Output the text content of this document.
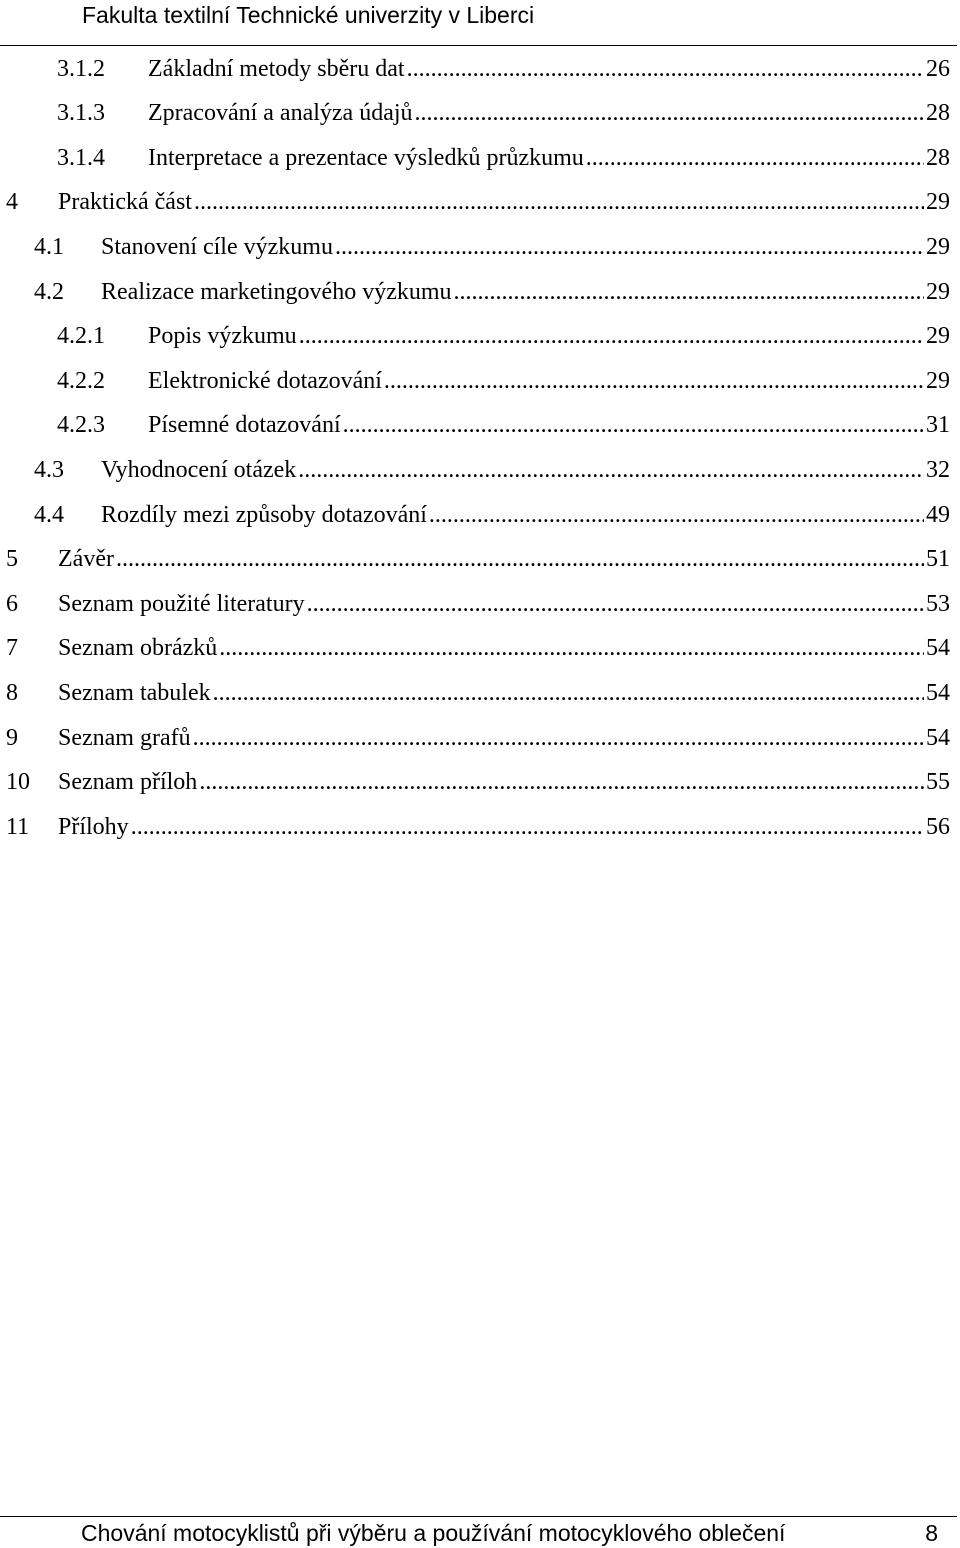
Fakulta textilní Technické univerzity v Liberci
3.1.2	Základní metody sběru dat .....	26
3.1.3	Zpracování a analýza údajů .....	28
3.1.4	Interpretace a prezentace výsledků průzkumu .....	28
4	Praktická část .....	29
4.1	Stanovení cíle výzkumu .....	29
4.2	Realizace marketingového výzkumu .....	29
4.2.1	Popis výzkumu .....	29
4.2.2	Elektronické dotazování .....	29
4.2.3	Písemné dotazování .....	31
4.3	Vyhodnocení otázek .....	32
4.4	Rozdíly mezi způsoby dotazování .....	49
5	Závěr .....	51
6	Seznam použité literatury .....	53
7	Seznam obrázků .....	54
8	Seznam tabulek .....	54
9	Seznam grafů .....	54
10	Seznam příloh .....	55
11	Přílohy .....	56
Chování motocyklistů při výběru a používání motocyklového oblečení	8
